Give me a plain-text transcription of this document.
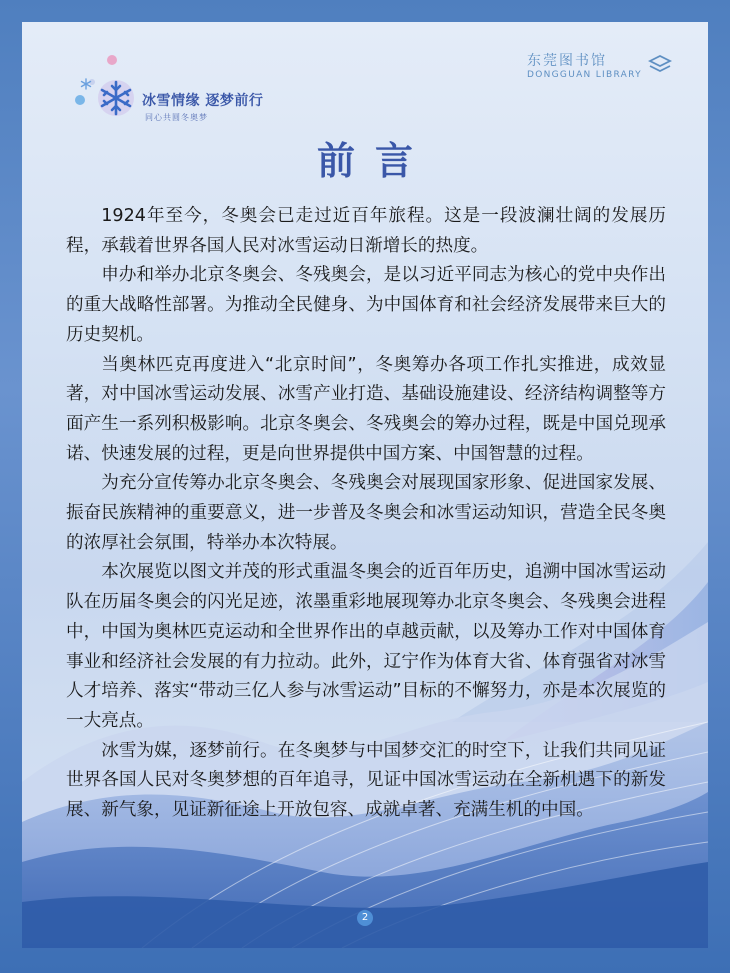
冰雪情缘 逐梦前行
同心共圆冬奥梦
东莞图书馆
DONGGUAN LIBRARY
前言

1924年至今，冬奥会已走过近百年旅程。这是一段波澜壮阔的发展历程，承载着世界各国人民对冰雪运动日渐增长的热度。

申办和举办北京冬奥会、冬残奥会，是以习近平同志为核心的党中央作出的重大战略性部署。为推动全民健身、为中国体育和社会经济发展带来巨大的历史契机。

当奥林匹克再度进入“北京时间”，冬奥筹办各项工作扎实推进，成效显著，对中国冰雪运动发展、冰雪产业打造、基础设施建设、经济结构调整等方面产生一系列积极影响。北京冬奥会、冬残奥会的筹办过程，既是中国兑现承诺、快速发展的过程，更是向世界提供中国方案、中国智慧的过程。

为充分宣传筹办北京冬奥会、冬残奥会对展现国家形象、促进国家发展、振奋民族精神的重要意义，进一步普及冬奥会和冰雪运动知识，营造全民冬奥的浓厚社会氛围，特举办本次特展。

本次展览以图文并茂的形式重温冬奥会的近百年历史，追溯中国冰雪运动队在历届冬奥会的闪光足迹，浓墨重彩地展现筹办北京冬奥会、冬残奥会进程中，中国为奥林匹克运动和全世界作出的卓越贡献，以及筹办工作对中国体育事业和经济社会发展的有力拉动。此外，辽宁作为体育大省、体育强省对冰雪人才培养、落实“带动三亿人参与冰雪运动”目标的不懈努力，亦是本次展览的一大亮点。

冰雪为媒，逐梦前行。在冬奥梦与中国梦交汇的时空下，让我们共同见证世界各国人民对冬奥梦想的百年追寻，见证中国冰雪运动在全新机遇下的新发展、新气象，见证新征途上开放包容、成就卓著、充满生机的中国。

2
